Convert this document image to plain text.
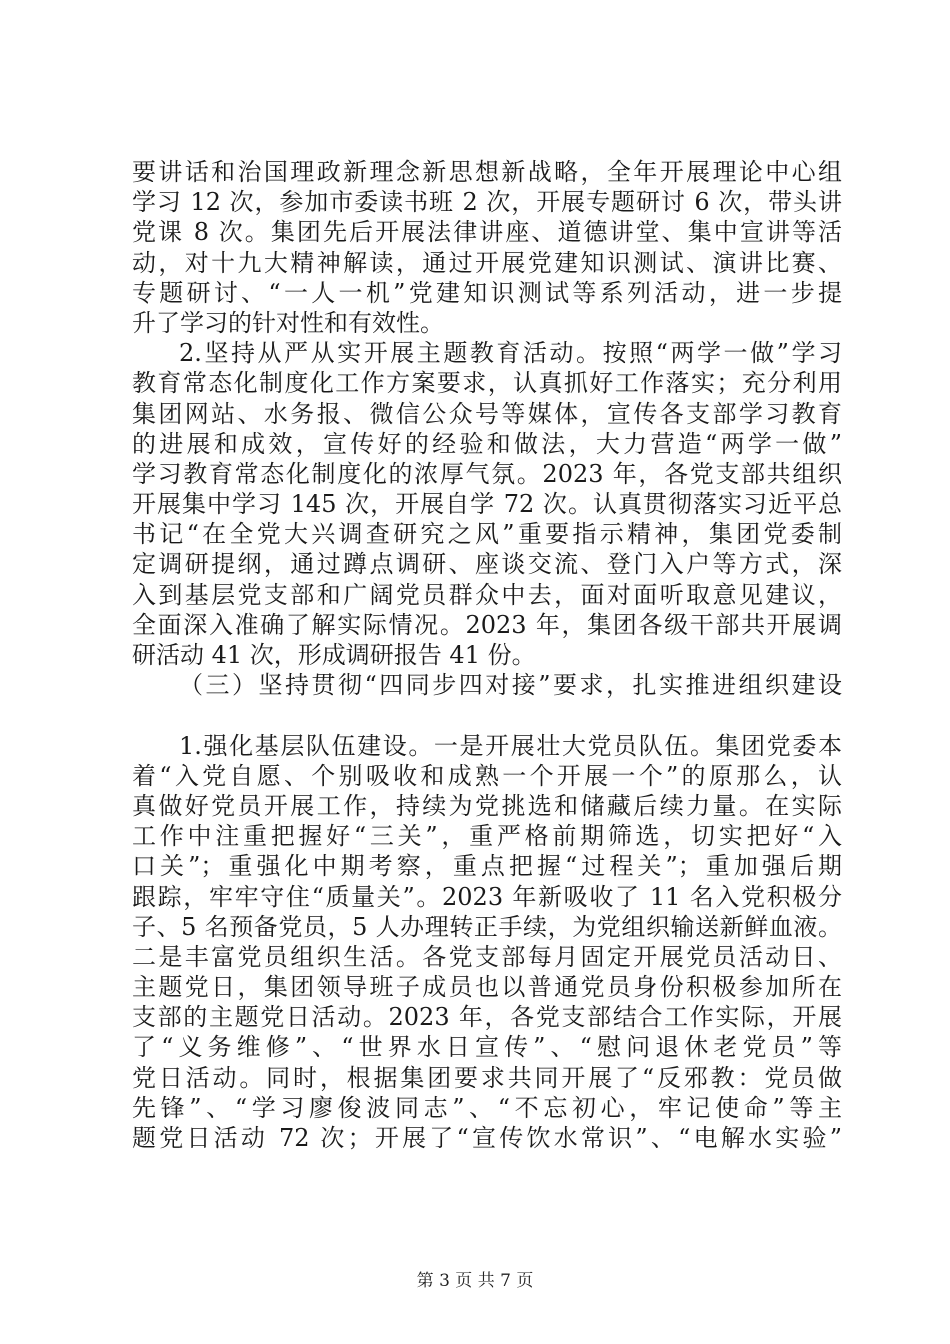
要讲话和治国理政新理念新思想新战略，全年开展理论中心组
学习 12 次，参加市委读书班 2 次，开展专题研讨 6 次，带头讲
党课 8 次。集团先后开展法律讲座、道德讲堂、集中宣讲等活
动，对十九大精神解读，通过开展党建知识测试、演讲比赛、
专题研讨、“一人一机”党建知识测试等系列活动，进一步提
升了学习的针对性和有效性。
2.坚持从严从实开展主题教育活动。按照“两学一做”学习
教育常态化制度化工作方案要求，认真抓好工作落实；充分利用
集团网站、水务报、微信公众号等媒体，宣传各支部学习教育
的进展和成效，宣传好的经验和做法，大力营造“两学一做”
学习教育常态化制度化的浓厚气氛。2023 年，各党支部共组织
开展集中学习 145 次，开展自学 72 次。认真贯彻落实习近平总
书记“在全党大兴调查研究之风”重要指示精神，集团党委制
定调研提纲，通过蹲点调研、座谈交流、登门入户等方式，深
入到基层党支部和广阔党员群众中去，面对面听取意见建议，
全面深入准确了解实际情况。2023 年，集团各级干部共开展调
研活动 41 次，形成调研报告 41 份。
（三）坚持贯彻“四同步四对接”要求，扎实推进组织建设
1.强化基层队伍建设。一是开展壮大党员队伍。集团党委本
着“入党自愿、个别吸收和成熟一个开展一个”的原那么，认
真做好党员开展工作，持续为党挑选和储藏后续力量。在实际
工作中注重把握好“三关”，重严格前期筛选，切实把好“入
口关”；重强化中期考察，重点把握“过程关”；重加强后期
跟踪，牢牢守住“质量关”。2023 年新吸收了 11 名入党积极分
子、5 名预备党员，5 人办理转正手续，为党组织输送新鲜血液。
二是丰富党员组织生活。各党支部每月固定开展党员活动日、
主题党日，集团领导班子成员也以普通党员身份积极参加所在
支部的主题党日活动。2023 年，各党支部结合工作实际，开展
了“义务维修”、“世界水日宣传”、“慰问退休老党员”等
党日活动。同时，根据集团要求共同开展了“反邪教：党员做
先锋”、“学习廖俊波同志”、“不忘初心，牢记使命”等主
题党日活动 72 次；开展了“宣传饮水常识”、“电解水实验”
第 3 页 共 7 页
